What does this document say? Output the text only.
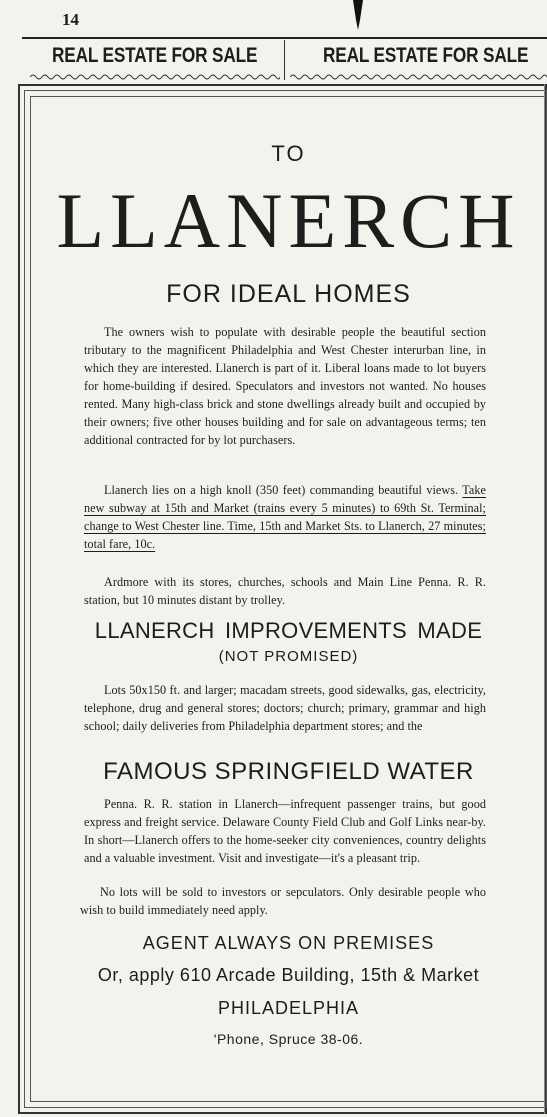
14
REAL ESTATE FOR SALE	REAL ESTATE FOR SALE
TO
LLANERCH
FOR IDEAL HOMES
LLANERCH IMPROVEMENTS MADE
(NOT PROMISED)
FAMOUS SPRINGFIELD WATER
AGENT ALWAYS ON PREMISES
Or, apply 610 Arcade Building, 15th & Market
PHILADELPHIA
'Phone, Spruce 38-06.

The owners wish to populate with desirable people the beautiful section tributary to the magnificent Philadelphia and West Chester interurban line, in which they are interested. Llanerch is part of it. Liberal loans made to lot buyers for home-building if desired. Speculators and investors not wanted. No houses rented. Many high-class brick and stone dwellings already built and occupied by their owners; five other houses building and for sale on advantageous terms; ten additional contracted for by lot purchasers.

Llanerch lies on a high knoll (350 feet) commanding beautiful views. Take new subway at 15th and Market (trains every 5 minutes) to 69th St. Terminal; change to West Chester line. Time, 15th and Market Sts. to Llanerch, 27 minutes; total fare, 10c.

Ardmore with its stores, churches, schools and Main Line Penna. R. R. station, but 10 minutes distant by trolley.

Lots 50x150 ft. and larger; macadam streets, good sidewalks, gas, electricity, telephone, drug and general stores; doctors; church; primary, grammar and high school; daily deliveries from Philadelphia department stores; and the

Penna. R. R. station in Llanerch—infrequent passenger trains, but good express and freight service. Delaware County Field Club and Golf Links near-by. In short—Llanerch offers to the home-seeker city conveniences, country delights and a valuable investment. Visit and investigate—it's a pleasant trip.

No lots will be sold to investors or sepculators. Only desirable people who wish to build immediately need apply.
